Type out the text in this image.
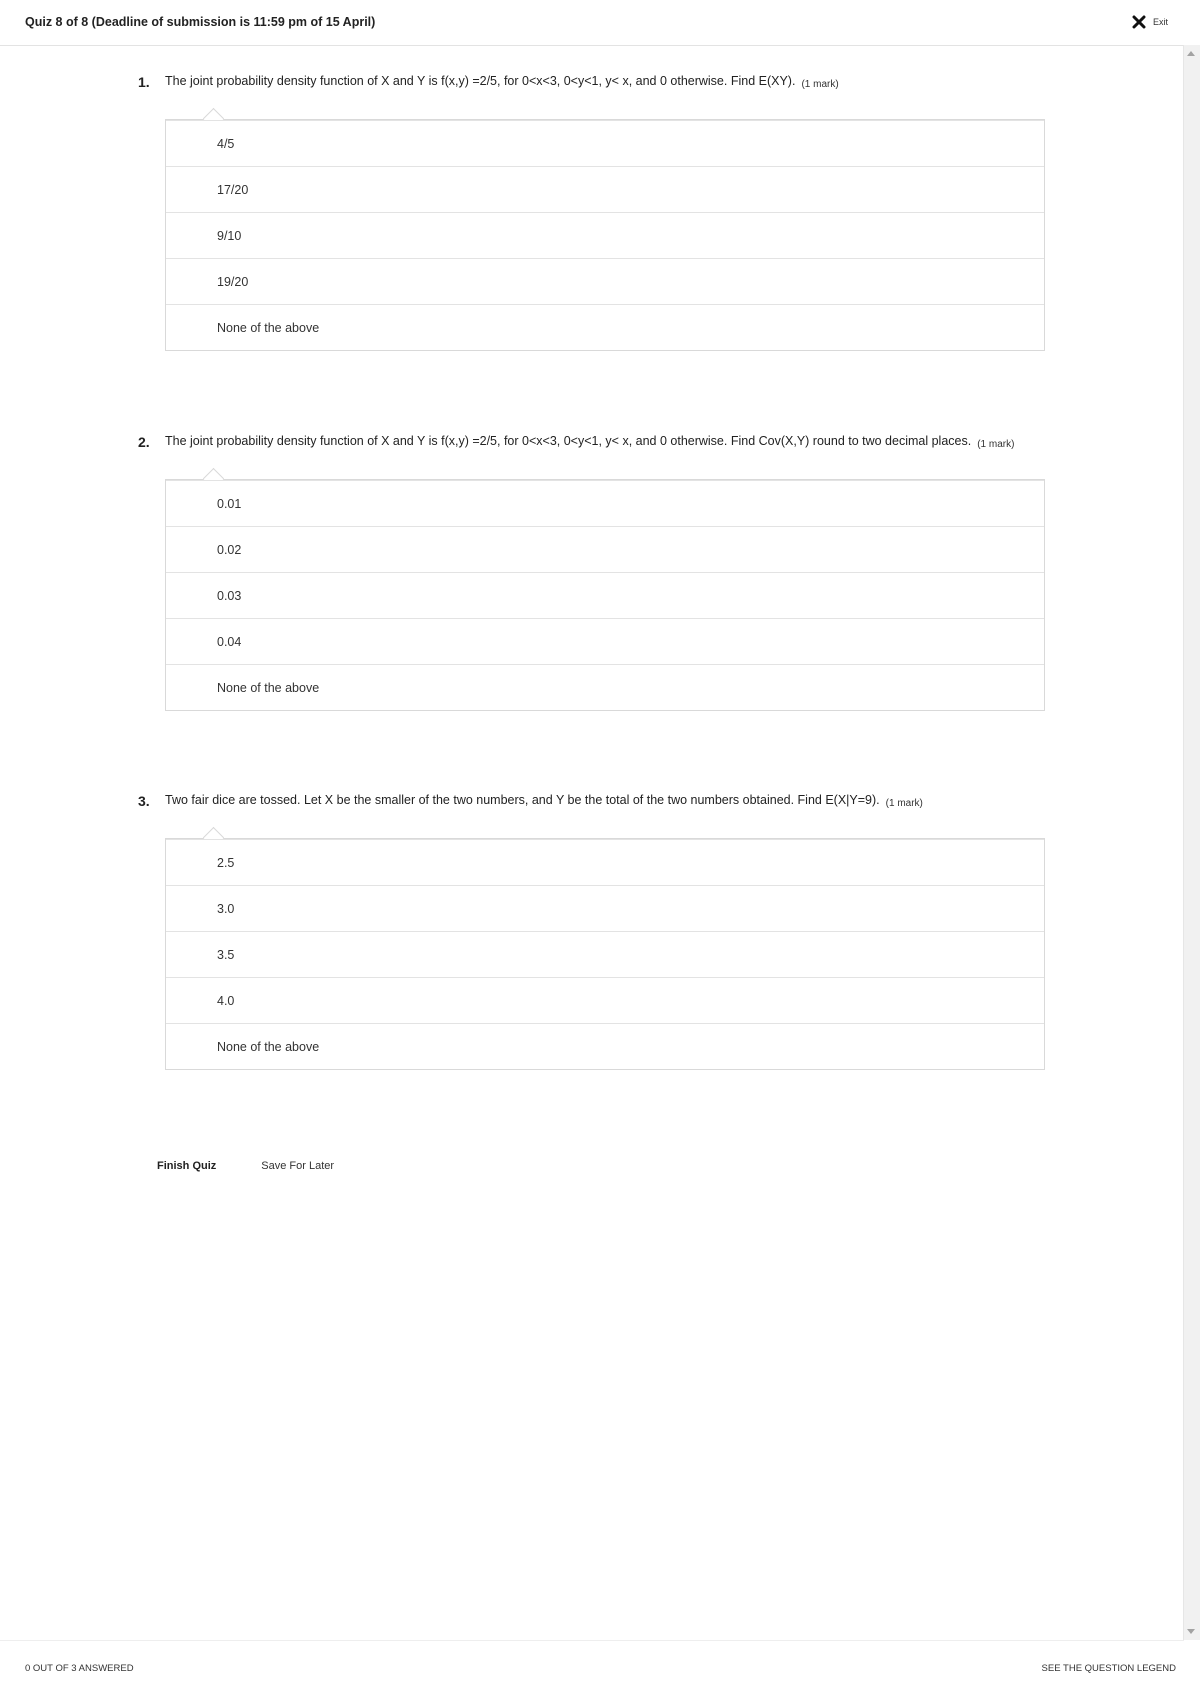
Quiz 8 of 8 (Deadline of submission is 11:59 pm of 15 April)	Exit
1. The joint probability density function of X and Y is f(x,y) =2/5, for 0<x<3, 0<y<1, y< x, and 0 otherwise. Find E(XY). (1 mark)
4/5
17/20
9/10
19/20
None of the above
2. The joint probability density function of X and Y is f(x,y) =2/5, for 0<x<3, 0<y<1, y< x, and 0 otherwise. Find Cov(X,Y) round to two decimal places. (1 mark)
0.01
0.02
0.03
0.04
None of the above
3. Two fair dice are tossed. Let X be the smaller of the two numbers, and Y be the total of the two numbers obtained. Find E(X|Y=9). (1 mark)
2.5
3.0
3.5
4.0
None of the above
Finish Quiz	Save For Later
0 OUT OF 3 ANSWERED	SEE THE QUESTION LEGEND
